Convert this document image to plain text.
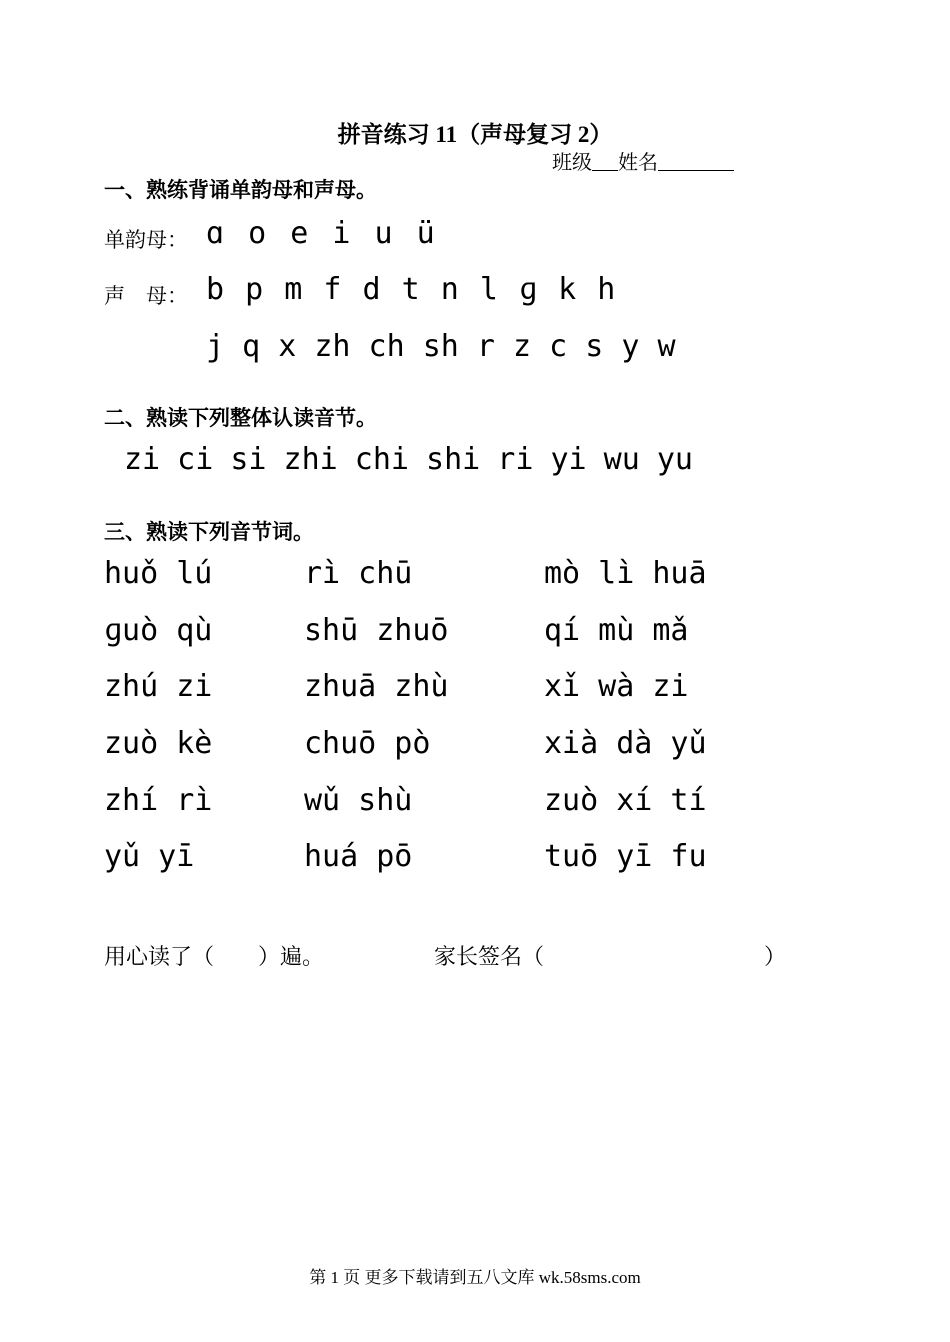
拼音练习 11（声母复习 2）
班级 姓名
一、熟练背诵单韵母和声母。
单韵母： ɑ o e i u ü
声　母： b p m f d t n l ɡ k h
j q x zh ch sh r z c s y w
二、熟读下列整体认读音节。
zi ci si zhi chi shi ri yi wu yu
三、熟读下列音节词。
huǒ lú	rì chū	mò lì huā
ɡuò qù	shū zhuō	qí mù mǎ
zhú zi	zhuā zhù	xǐ wà zi
zuò kè	chuō pò	xià dà yǔ
zhí rì	wǔ shù	zuò xí tí
yǔ yī	huá pō	tuō yī fu
用心读了（　　）遍。	家长签名（　　　　　　　　　　）
第 1 页 更多下载请到五八文库 wk.58sms.com
